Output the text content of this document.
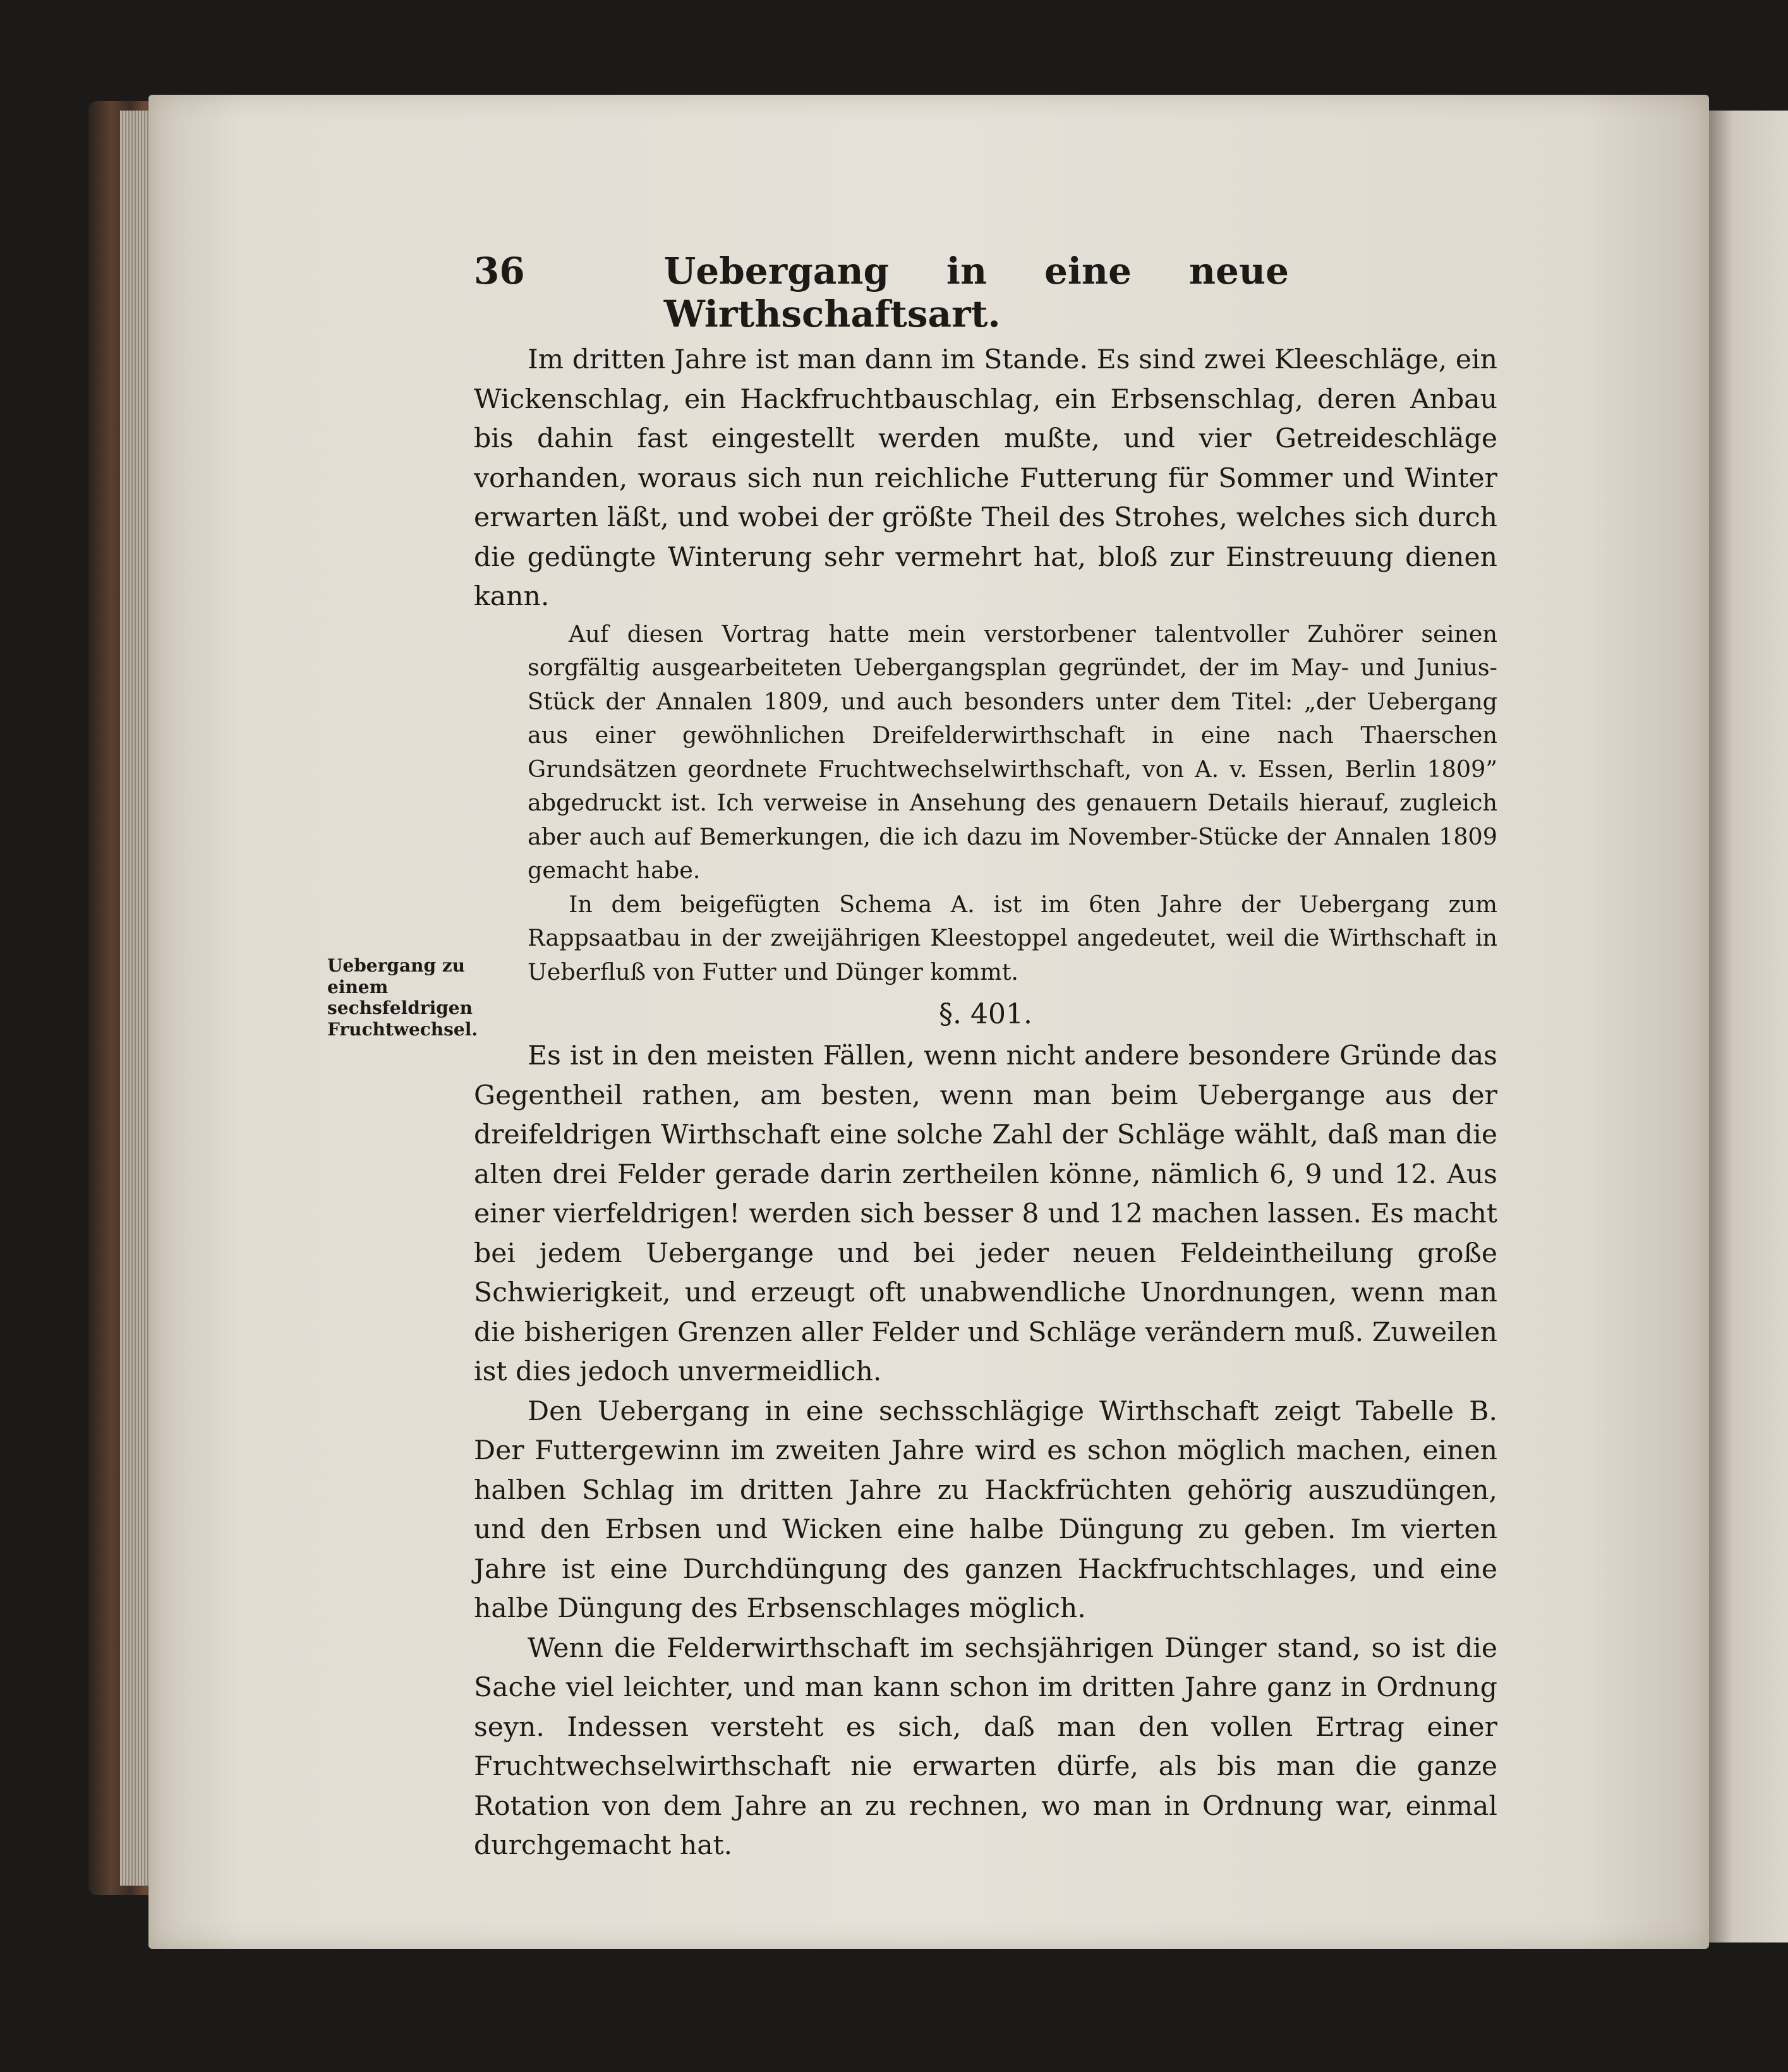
Uebergang zu einem sechsfeldrigen Fruchtwechsel.
36	Uebergang in eine neue Wirthschaftsart.

Im dritten Jahre ist man dann im Stande. Es sind zwei Kleeschläge, ein Wickenschlag, ein Hackfruchtbauschlag, ein Erbsenschlag, deren Anbau bis dahin fast eingestellt werden mußte, und vier Getreideschläge vorhanden, woraus sich nun reichliche Futterung für Sommer und Winter erwarten läßt, und wobei der größte Theil des Strohes, welches sich durch die gedüngte Winterung sehr vermehrt hat, bloß zur Einstreuung dienen kann.

Auf diesen Vortrag hatte mein verstorbener talentvoller Zuhörer seinen sorgfältig ausgearbeiteten Uebergangsplan gegründet, der im May- und Junius-Stück der Annalen 1809, und auch besonders unter dem Titel: „der Uebergang aus einer gewöhnlichen Dreifelderwirthschaft in eine nach Thaerschen Grundsätzen geordnete Fruchtwechselwirthschaft, von A. v. Essen, Berlin 1809” abgedruckt ist. Ich verweise in Ansehung des genauern Details hierauf, zugleich aber auch auf Bemerkungen, die ich dazu im November-Stücke der Annalen 1809 gemacht habe.

In dem beigefügten Schema A. ist im 6ten Jahre der Uebergang zum Rappsaatbau in der zweijährigen Kleestoppel angedeutet, weil die Wirthschaft in Ueberfluß von Futter und Dünger kommt.

§. 401.

Es ist in den meisten Fällen, wenn nicht andere besondere Gründe das Gegentheil rathen, am besten, wenn man beim Uebergange aus der dreifeldrigen Wirthschaft eine solche Zahl der Schläge wählt, daß man die alten drei Felder gerade darin zertheilen könne, nämlich 6, 9 und 12. Aus einer vierfeldrigen! werden sich besser 8 und 12 machen lassen. Es macht bei jedem Uebergange und bei jeder neuen Feldeintheilung große Schwierigkeit, und erzeugt oft unabwendliche Unordnungen, wenn man die bisherigen Grenzen aller Felder und Schläge verändern muß. Zuweilen ist dies jedoch unvermeidlich.

Den Uebergang in eine sechsschlägige Wirthschaft zeigt Tabelle B. Der Futtergewinn im zweiten Jahre wird es schon möglich machen, einen halben Schlag im dritten Jahre zu Hackfrüchten gehörig auszudüngen, und den Erbsen und Wicken eine halbe Düngung zu geben. Im vierten Jahre ist eine Durchdüngung des ganzen Hackfruchtschlages, und eine halbe Düngung des Erbsenschlages möglich.

Wenn die Felderwirthschaft im sechsjährigen Dünger stand, so ist die Sache viel leichter, und man kann schon im dritten Jahre ganz in Ordnung seyn. Indessen versteht es sich, daß man den vollen Ertrag einer Fruchtwechselwirthschaft nie erwarten dürfe, als bis man die ganze Rotation von dem Jahre an zu rechnen, wo man in Ordnung war, einmal durchgemacht hat.
